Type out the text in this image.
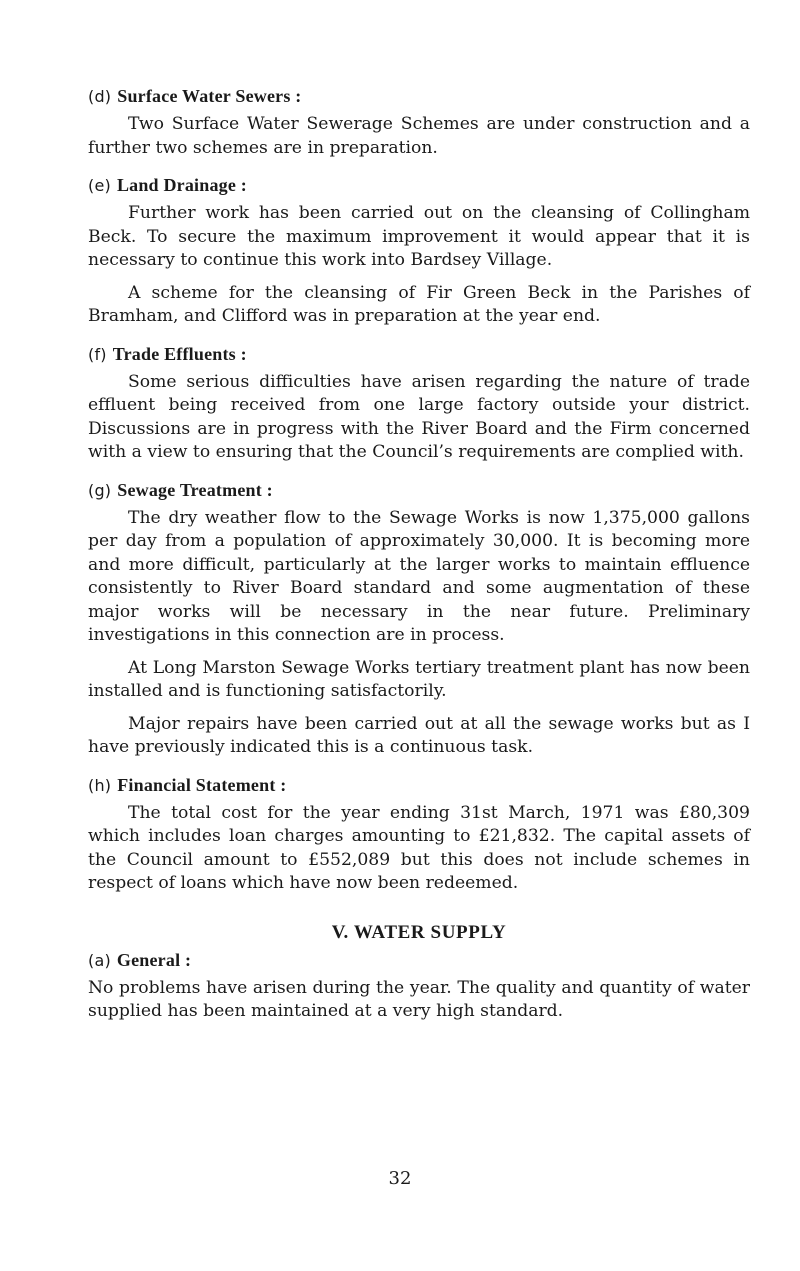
(d) Surface Water Sewers :

Two Surface Water Sewerage Schemes are under construction and a further two schemes are in preparation.

(e) Land Drainage :

Further work has been carried out on the cleansing of Collingham Beck. To secure the maximum improvement it would appear that it is necessary to continue this work into Bardsey Village.

A scheme for the cleansing of Fir Green Beck in the Parishes of Bramham, and Clifford was in preparation at the year end.

(f) Trade Effluents :

Some serious difficulties have arisen regarding the nature of trade effluent being received from one large factory outside your district. Discussions are in progress with the River Board and the Firm concerned with a view to ensuring that the Council’s requirements are complied with.

(g) Sewage Treatment :

The dry weather flow to the Sewage Works is now 1,375,000 gallons per day from a population of approximately 30,000. It is becoming more and more difficult, particularly at the larger works to maintain effluence consistently to River Board standard and some augmentation of these major works will be necessary in the near future. Preliminary investigations in this connection are in process.

At Long Marston Sewage Works tertiary treatment plant has now been installed and is functioning satisfactorily.

Major repairs have been carried out at all the sewage works but as I have previously indicated this is a continuous task.

(h) Financial Statement :

The total cost for the year ending 31st March, 1971 was £80,309 which includes loan charges amounting to £21,832. The capital assets of the Council amount to £552,089 but this does not include schemes in respect of loans which have now been redeemed.

V. WATER SUPPLY
(a) General :

No problems have arisen during the year. The quality and quantity of water supplied has been maintained at a very high standard.

32
